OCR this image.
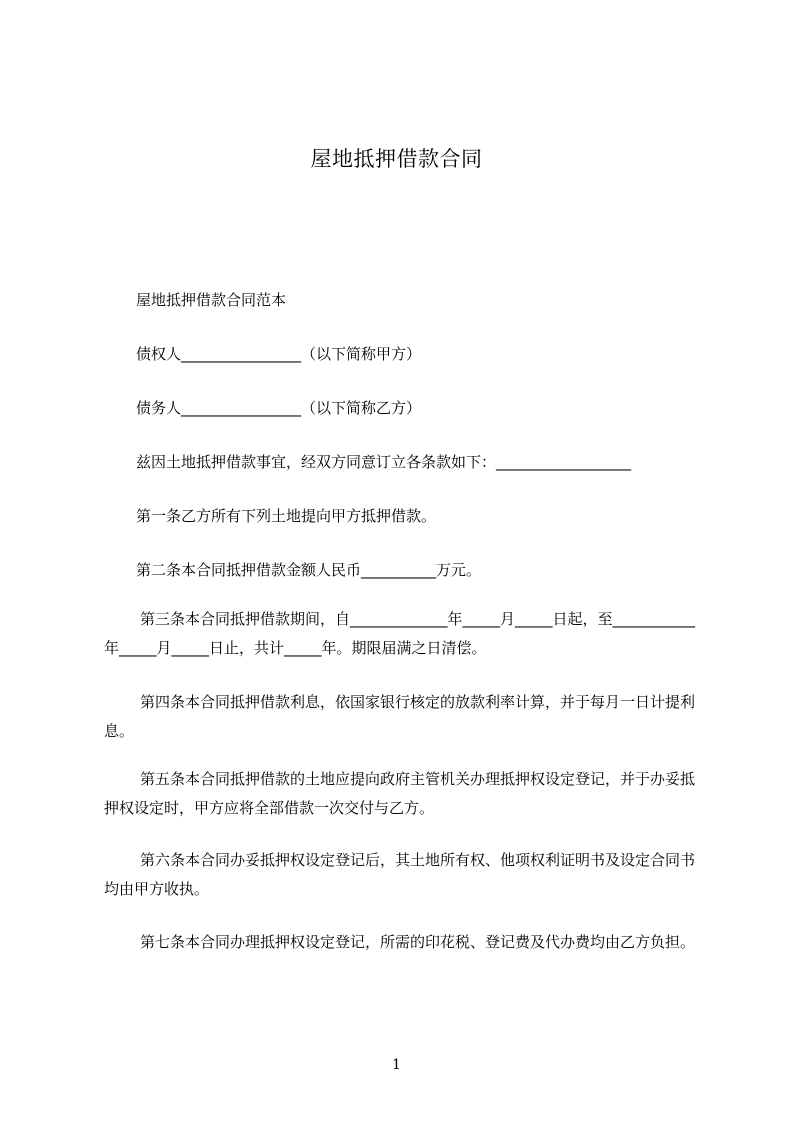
屋地抵押借款合同
屋地抵押借款合同范本
债权人________________（以下简称甲方）
债务人________________（以下简称乙方）
兹因土地抵押借款事宜，经双方同意订立各条款如下：__________________
第一条乙方所有下列土地提向甲方抵押借款。
第二条本合同抵押借款金额人民币__________万元。
第三条本合同抵押借款期间，自_____________年_____月_____日起，至___________年_____月_____日止，共计_____年。期限届满之日清偿。
第四条本合同抵押借款利息，依国家银行核定的放款利率计算，并于每月一日计提利息。
第五条本合同抵押借款的土地应提向政府主管机关办理抵押权设定登记，并于办妥抵押权设定时，甲方应将全部借款一次交付与乙方。
第六条本合同办妥抵押权设定登记后，其土地所有权、他项权利证明书及设定合同书均由甲方收执。
第七条本合同办理抵押权设定登记，所需的印花税、登记费及代办费均由乙方负担。
1
